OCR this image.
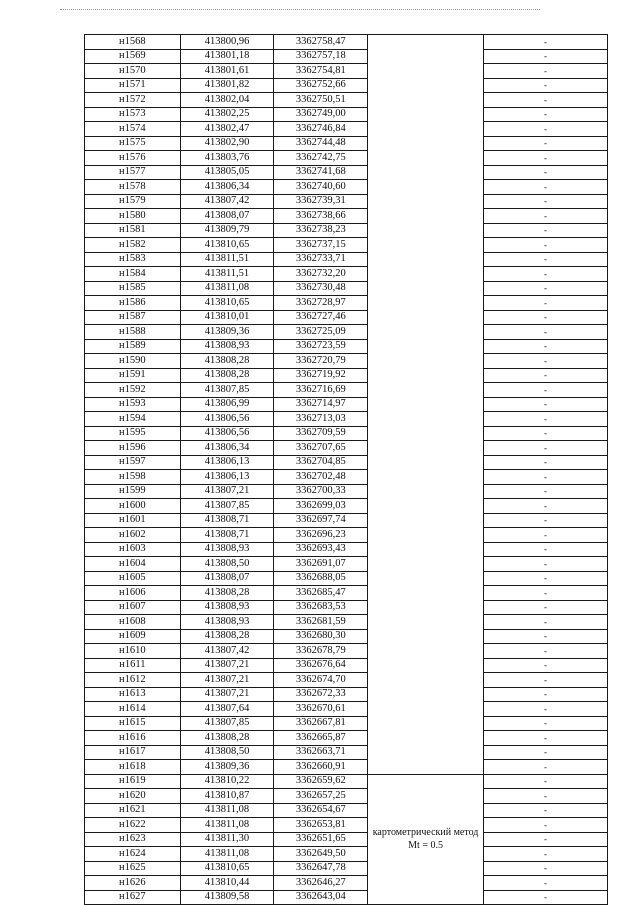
н1568	413800,96	3362758,47		-
н1569	413801,18	3362757,18		-
н1570	413801,61	3362754,81		-
н1571	413801,82	3362752,66		-
н1572	413802,04	3362750,51		-
н1573	413802,25	3362749,00		-
н1574	413802,47	3362746,84		-
н1575	413802,90	3362744,48		-
н1576	413803,76	3362742,75		-
н1577	413805,05	3362741,68		-
н1578	413806,34	3362740,60		-
н1579	413807,42	3362739,31		-
н1580	413808,07	3362738,66		-
н1581	413809,79	3362738,23		-
н1582	413810,65	3362737,15		-
н1583	413811,51	3362733,71		-
н1584	413811,51	3362732,20		-
н1585	413811,08	3362730,48		-
н1586	413810,65	3362728,97		-
н1587	413810,01	3362727,46		-
н1588	413809,36	3362725,09		-
н1589	413808,93	3362723,59		-
н1590	413808,28	3362720,79		-
н1591	413808,28	3362719,92		-
н1592	413807,85	3362716,69		-
н1593	413806,99	3362714,97		-
н1594	413806,56	3362713,03		-
н1595	413806,56	3362709,59		-
н1596	413806,34	3362707,65		-
н1597	413806,13	3362704,85		-
н1598	413806,13	3362702,48		-
н1599	413807,21	3362700,33		-
н1600	413807,85	3362699,03		-
н1601	413808,71	3362697,74		-
н1602	413808,71	3362696,23		-
н1603	413808,93	3362693,43		-
н1604	413808,50	3362691,07		-
н1605	413808,07	3362688,05		-
н1606	413808,28	3362685,47		-
н1607	413808,93	3362683,53		-
н1608	413808,93	3362681,59		-
н1609	413808,28	3362680,30		-
н1610	413807,42	3362678,79		-
н1611	413807,21	3362676,64		-
н1612	413807,21	3362674,70		-
н1613	413807,21	3362672,33		-
н1614	413807,64	3362670,61		-
н1615	413807,85	3362667,81		-
н1616	413808,28	3362665,87		-
н1617	413808,50	3362663,71		-
н1618	413809,36	3362660,91		-
н1619	413810,22	3362659,62	картометрический метод Mt = 0.5	-
н1620	413810,87	3362657,25		-
н1621	413811,08	3362654,67		-
н1622	413811,08	3362653,81		-
н1623	413811,30	3362651,65		-
н1624	413811,08	3362649,50		-
н1625	413810,65	3362647,78		-
н1626	413810,44	3362646,27		-
н1627	413809,58	3362643,04		-
